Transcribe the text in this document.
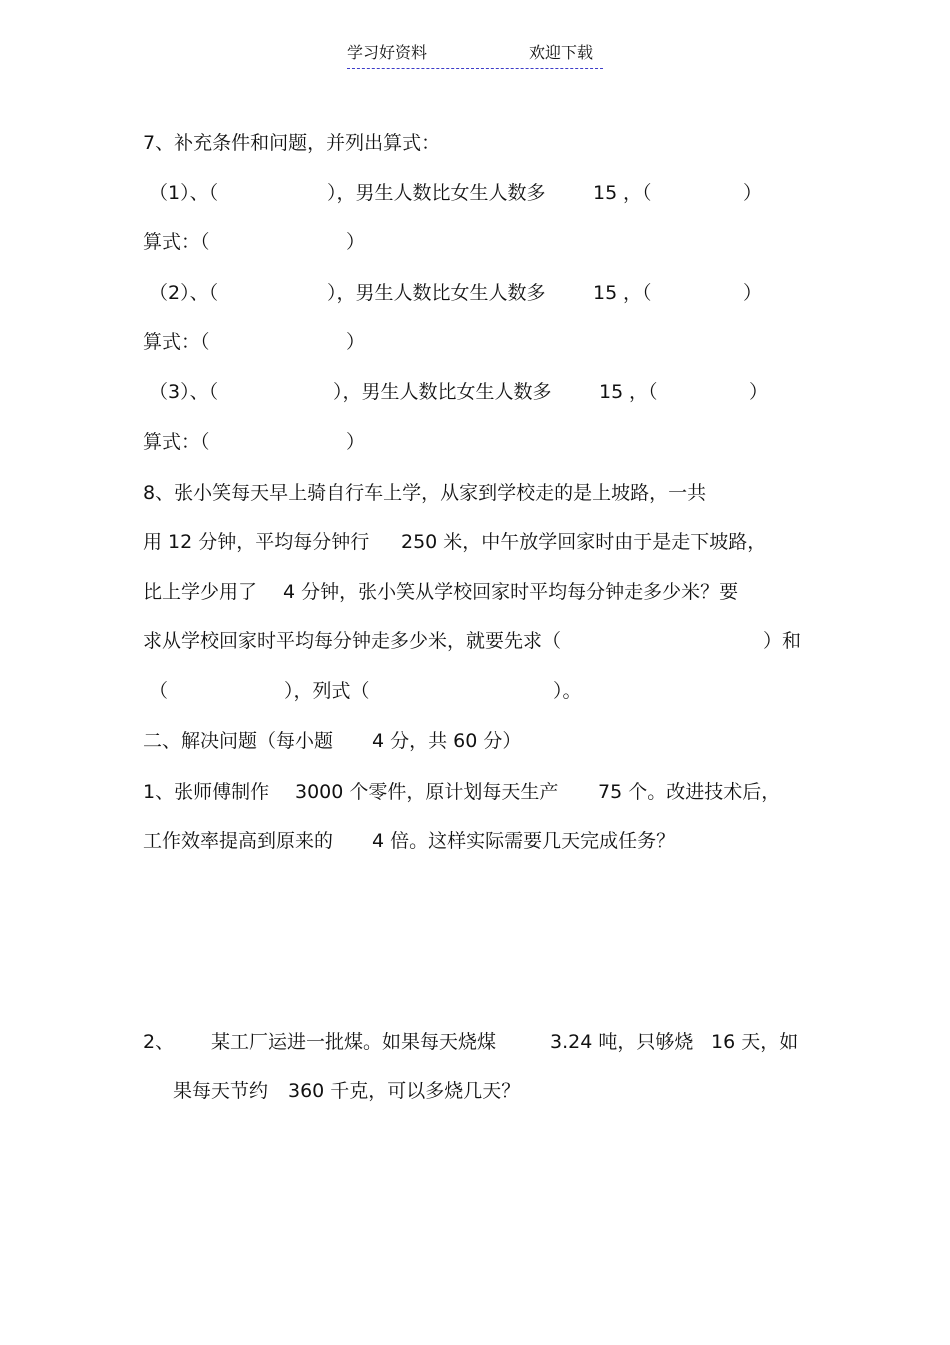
学习好资料	欢迎下载
7、补充条件和问题，并列出算式：
（1）、（	），男生人数比女生人数多 15 ，（	）
算式：（	）
（2）、（	），男生人数比女生人数多 15 ，（	）
算式：（	）
（3）、（	），男生人数比女生人数多 15 ，（	）
算式：（	）
8、张小笑每天早上骑自行车上学，从家到学校走的是上坡路，一共
用 12 分钟，平均每分钟行 250 米，中午放学回家时由于是走下坡路，
比上学少用了 4 分钟，张小笑从学校回家时平均每分钟走多少米？要
求从学校回家时平均每分钟走多少米，就要先求（	）和
（	），列式（	）。
二、解决问题（每小题 4 分，共 60 分）
1、张师傅制作 3000 个零件，原计划每天生产 75 个。改进技术后，
工作效率提高到原来的 4 倍。这样实际需要几天完成任务？
2、 某工厂运进一批煤。如果每天烧煤	3.24 吨，只够烧 16 天，如
果每天节约 360 千克，可以多烧几天？
